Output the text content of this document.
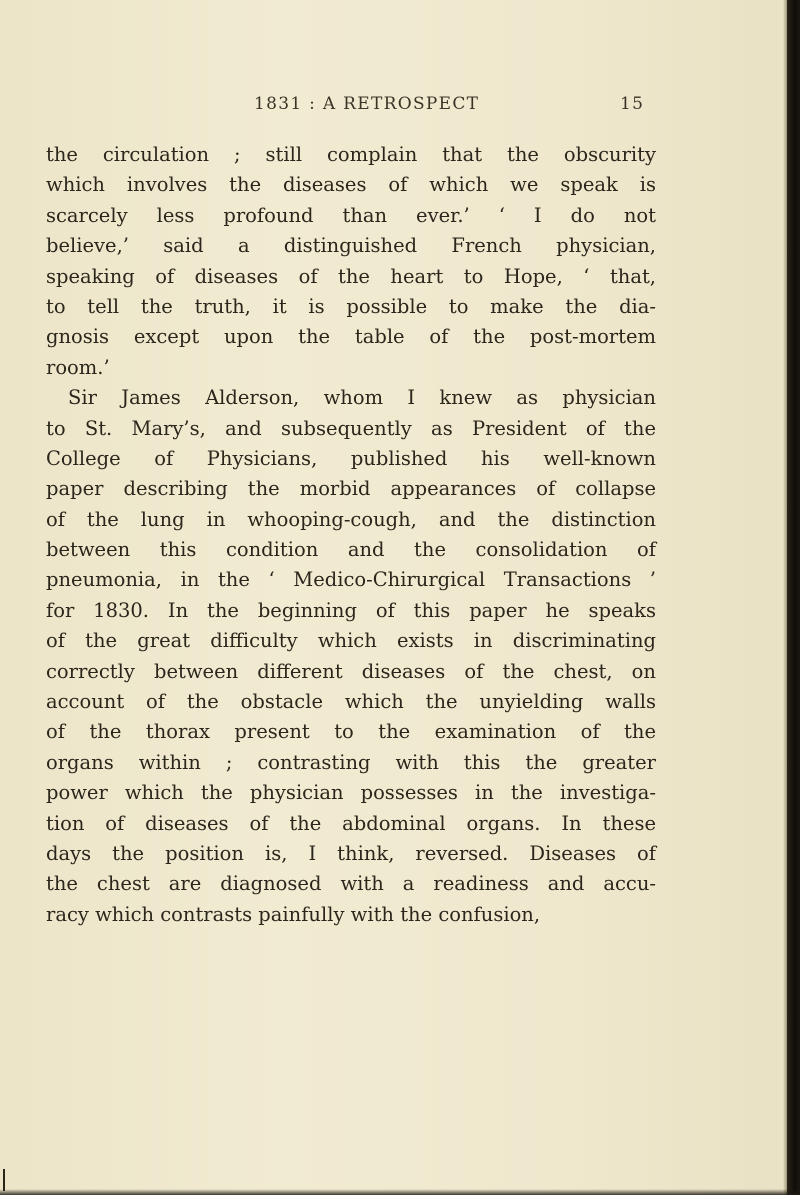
1831 : A RETROSPECT	15
the circulation ; still complain that the obscurity
which involves the diseases of which we speak is
scarcely less profound than ever.’ ‘ I do not
believe,’ said a distinguished French physician,
speaking of diseases of the heart to Hope, ‘ that,
to tell the truth, it is possible to make the dia-
gnosis except upon the table of the post-mortem
room.’
Sir James Alderson, whom I knew as physician
to St. Mary’s, and subsequently as President of the
College of Physicians, published his well-known
paper describing the morbid appearances of collapse
of the lung in whooping-cough, and the distinction
between this condition and the consolidation of
pneumonia, in the ‘ Medico-Chirurgical Transactions ’
for 1830. In the beginning of this paper he speaks
of the great difficulty which exists in discriminating
correctly between different diseases of the chest, on
account of the obstacle which the unyielding walls
of the thorax present to the examination of the
organs within ; contrasting with this the greater
power which the physician possesses in the investiga-
tion of diseases of the abdominal organs. In these
days the position is, I think, reversed. Diseases of
the chest are diagnosed with a readiness and accu-
racy which contrasts painfully with the confusion,
